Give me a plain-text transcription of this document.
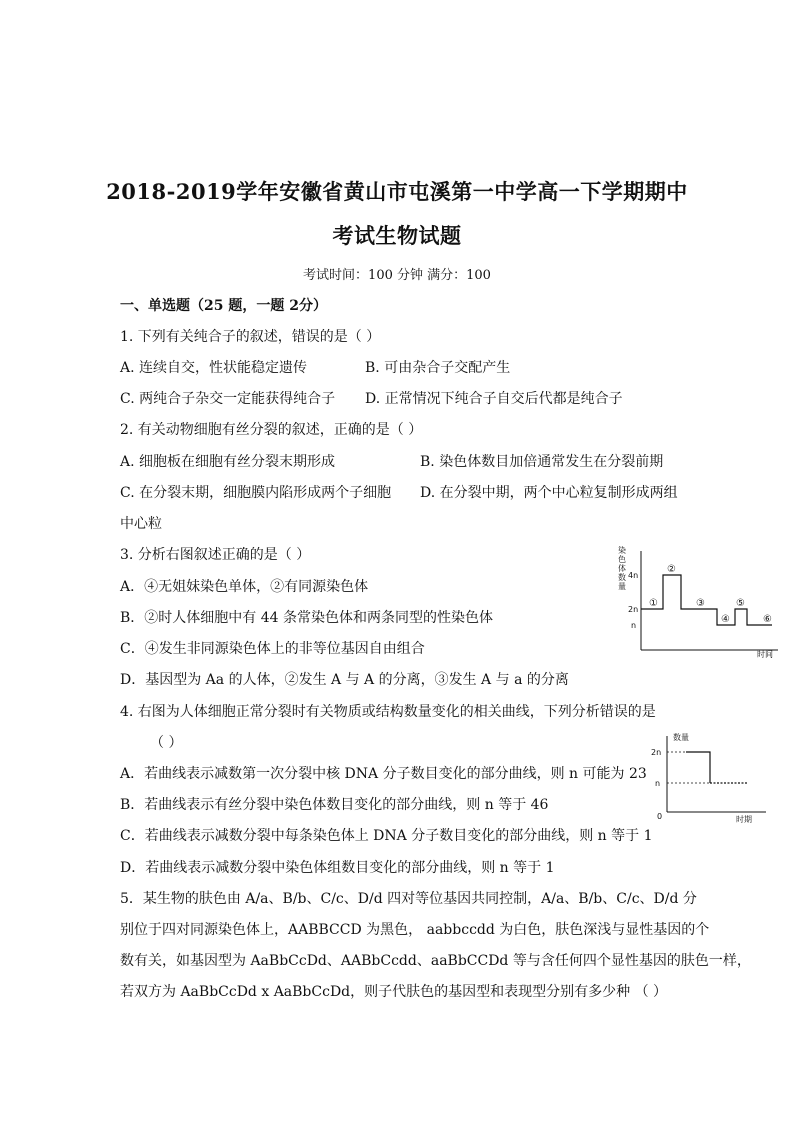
2018-2019学年安徽省黄山市屯溪第一中学高一下学期期中
考试生物试题
考试时间：100 分钟 满分：100
一、单选题（25 题，一题 2分）
1. 下列有关纯合子的叙述，错误的是（ ）
A. 连续自交，性状能稳定遗传	B. 可由杂合子交配产生
C. 两纯合子杂交一定能获得纯合子 D. 正常情况下纯合子自交后代都是纯合子
2. 有关动物细胞有丝分裂的叙述，正确的是（ ）
A. 细胞板在细胞有丝分裂末期形成	B. 染色体数目加倍通常发生在分裂前期
C. 在分裂末期，细胞膜内陷形成两个子细胞 D. 在分裂中期，两个中心粒复制形成两组
中心粒
3. 分析右图叙述正确的是（ ）
A．④无姐妹染色单体，②有同源染色体
B．②时人体细胞中有 44 条常染色体和两条同型的性染色体
C．④发生非同源染色体上的非等位基因自由组合
D．基因型为 Aa 的人体，②发生 A 与 A 的分离，③发生 A 与 a 的分离
染
色
体
数
量
4n
2n
n
时间
①
②
③
④
⑤
⑥
4. 右图为人体细胞正常分裂时有关物质或结构数量变化的相关曲线，下列分析错误的是
（ ）
A．若曲线表示减数第一次分裂中核 DNA 分子数目变化的部分曲线，则 n 可能为 23
B．若曲线表示有丝分裂中染色体数目变化的部分曲线，则 n 等于 46
C．若曲线表示减数分裂中每条染色体上 DNA 分子数目变化的部分曲线，则 n 等于 1
D．若曲线表示减数分裂中染色体组数目变化的部分曲线，则 n 等于 1
数量
2n
n
0	时期
5．某生物的肤色由 A/a、B/b、C/c、D/d 四对等位基因共同控制，A/a、B/b、C/c、D/d 分
别位于四对同源染色体上，AABBCCD 为黑色， aabbccdd 为白色，肤色深浅与显性基因的个
数有关，如基因型为 AaBbCcDd、AABbCcdd、aaBbCCDd 等与含任何四个显性基因的肤色一样，
若双方为 AaBbCcDd x AaBbCcDd，则子代肤色的基因型和表现型分别有多少种 （ ）
